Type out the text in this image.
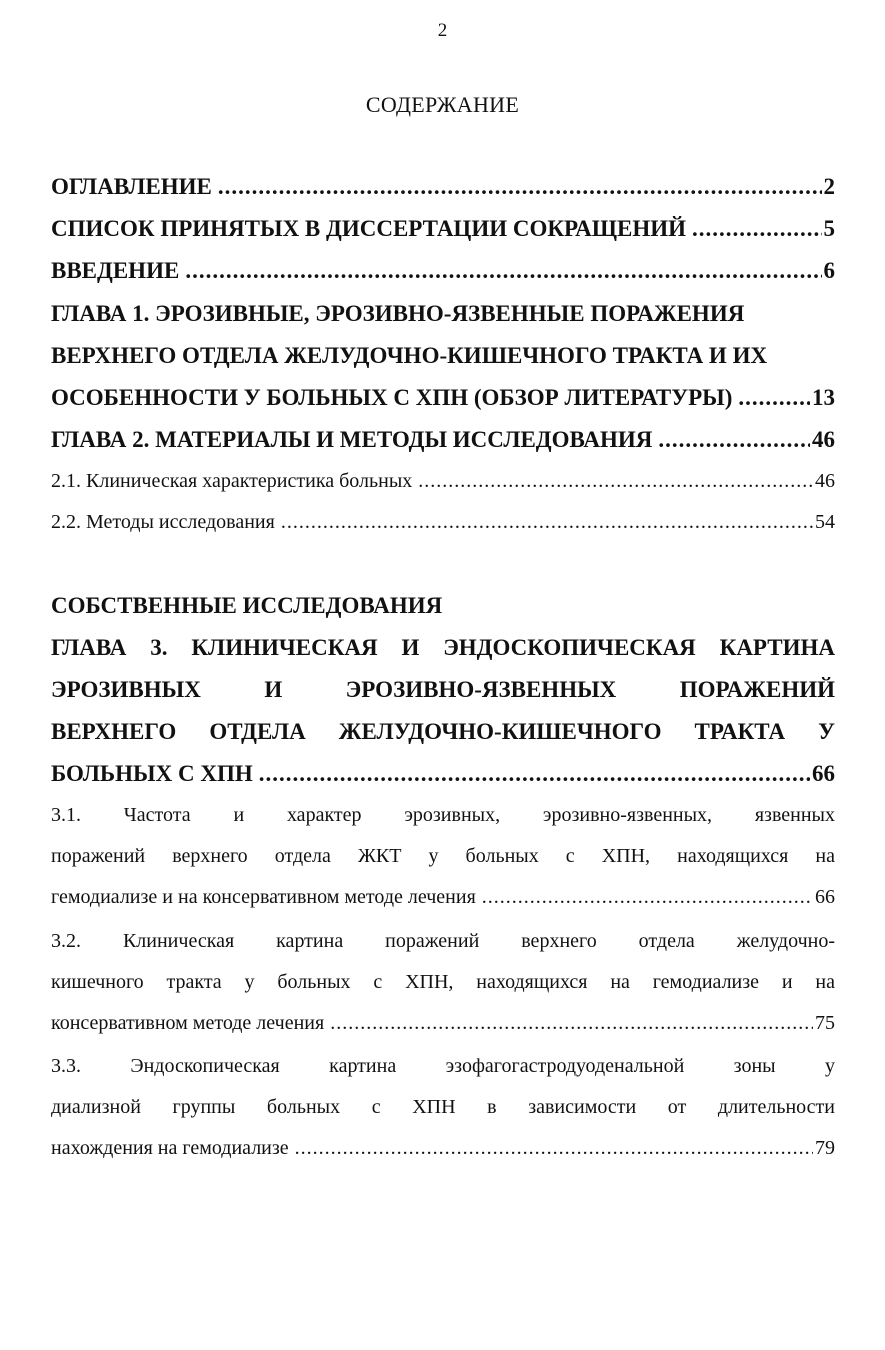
2
СОДЕРЖАНИЕ
ОГЛАВЛЕНИЕ .....	2
СПИСОК ПРИНЯТЫХ В ДИССЕРТАЦИИ СОКРАЩЕНИЙ .....	5
ВВЕДЕНИЕ .....	6
ГЛАВА 1. ЭРОЗИВНЫЕ, ЭРОЗИВНО-ЯЗВЕННЫЕ ПОРАЖЕНИЯ
ВЕРХНЕГО ОТДЕЛА ЖЕЛУДОЧНО-КИШЕЧНОГО ТРАКТА И ИХ
ОСОБЕННОСТИ У БОЛЬНЫХ С ХПН (ОБЗОР ЛИТЕРАТУРЫ) .....	13
ГЛАВА 2. МАТЕРИАЛЫ И МЕТОДЫ ИССЛЕДОВАНИЯ .....	46
2.1. Клиническая характеристика больных .....	46
2.2. Методы исследования .....	54
СОБСТВЕННЫЕ ИССЛЕДОВАНИЯ
ГЛАВА 3. КЛИНИЧЕСКАЯ И ЭНДОСКОПИЧЕСКАЯ КАРТИНА
ЭРОЗИВНЫХ И ЭРОЗИВНО-ЯЗВЕННЫХ ПОРАЖЕНИЙ
ВЕРХНЕГО ОТДЕЛА ЖЕЛУДОЧНО-КИШЕЧНОГО ТРАКТА У
БОЛЬНЫХ С ХПН .....	66
3.1. Частота и характер эрозивных, эрозивно-язвенных, язвенных
поражений верхнего отдела ЖКТ у больных с ХПН, находящихся на
гемодиализе и на консервативном методе лечения .....	66
3.2. Клиническая картина поражений верхнего отдела желудочно-
кишечного тракта у больных с ХПН, находящихся на гемодиализе и на
консервативном методе лечения .....	75
3.3. Эндоскопическая картина эзофагогастродуоденальной зоны у
диализной группы больных с ХПН в зависимости от длительности
нахождения на гемодиализе .....	79
